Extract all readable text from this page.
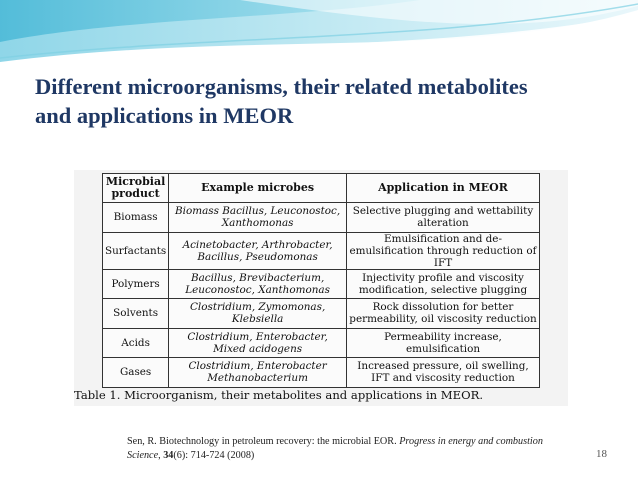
Different microorganisms, their related metabolites
and applications in MEOR
Microbial product	Example microbes	Application in MEOR
Biomass	Biomass Bacillus, Leuconostoc, Xanthomonas	Selective plugging and wettability alteration
Surfactants	Acinetobacter, Arthrobacter, Bacillus, Pseudomonas	Emulsification and de-emulsification through reduction of IFT
Polymers	Bacillus, Brevibacterium, Leuconostoc, Xanthomonas	Injectivity profile and viscosity modification, selective plugging
Solvents	Clostridium, Zymomonas, Klebsiella	Rock dissolution for better permeability, oil viscosity reduction
Acids	Clostridium, Enterobacter, Mixed acidogens	Permeability increase, emulsification
Gases	Clostridium, Enterobacter Methanobacterium	Increased pressure, oil swelling, IFT and viscosity reduction
Table 1. Microorganism, their metabolites and applications in MEOR.
Sen, R. Biotechnology in petroleum recovery: the microbial EOR. Progress in energy and combustion Science, 34(6): 714-724 (2008)	18
